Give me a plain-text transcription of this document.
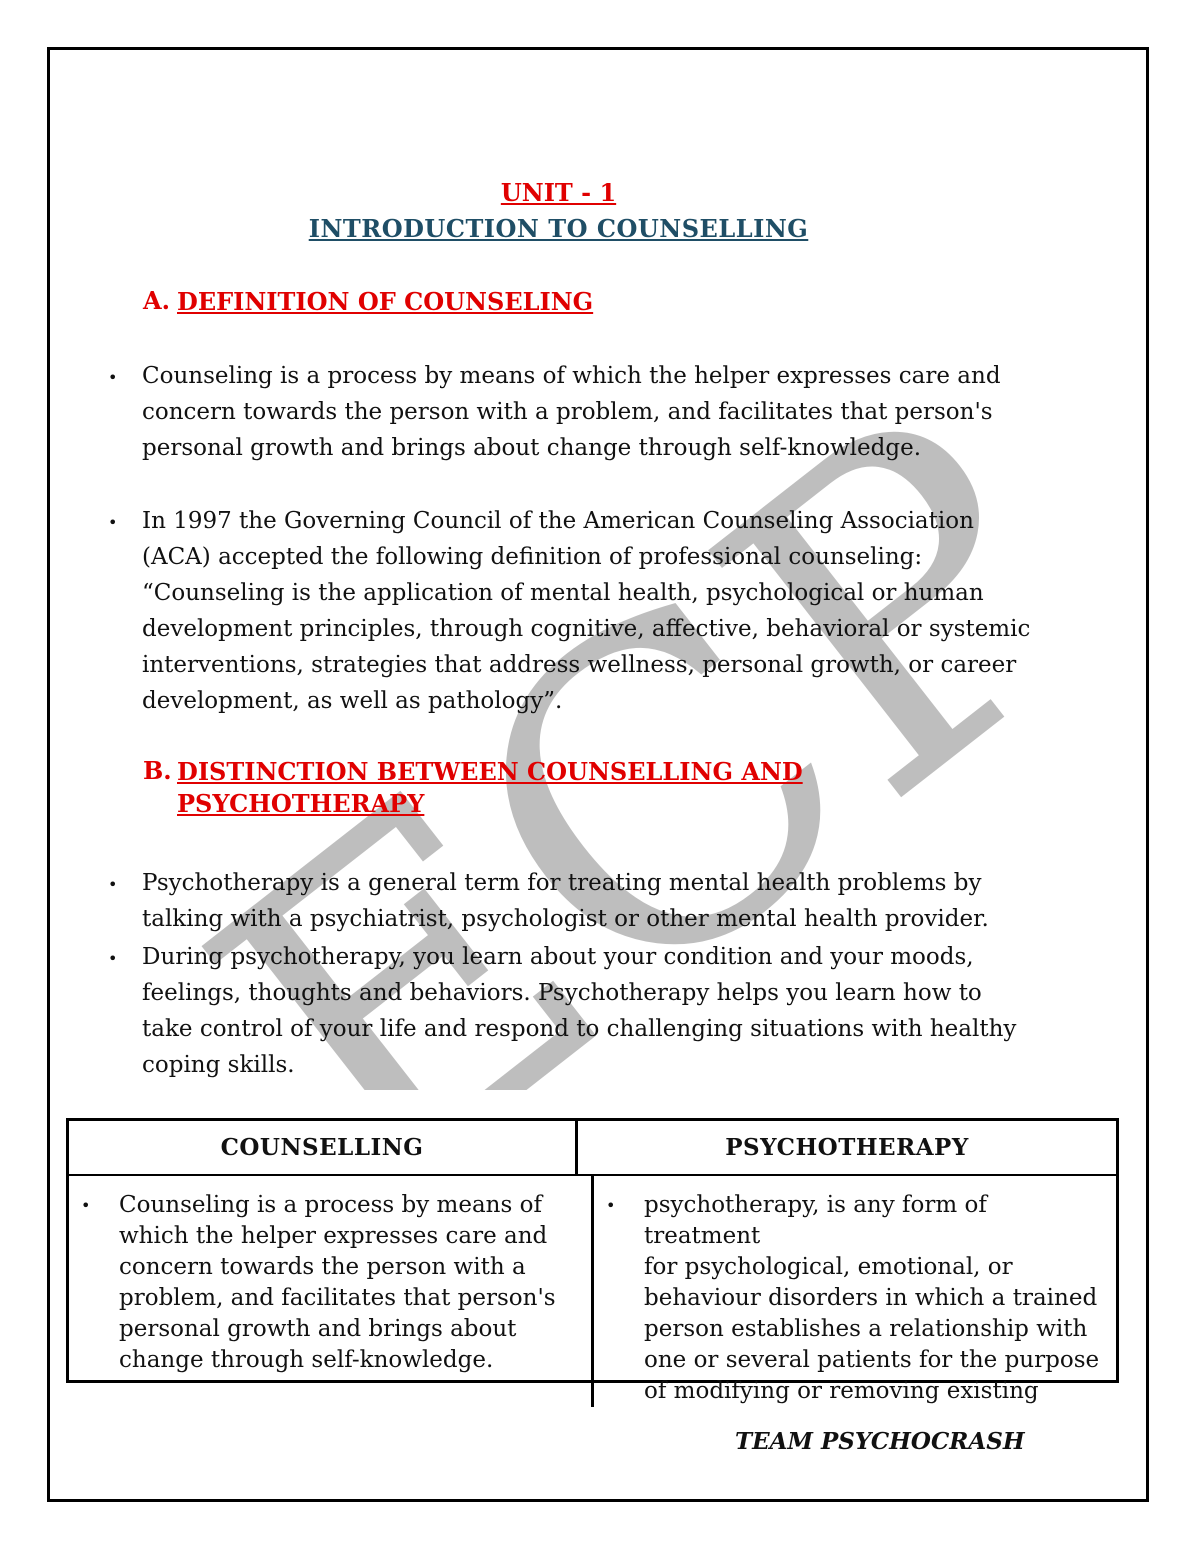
ECP
UNIT - 1
INTRODUCTION TO COUNSELLING
A. DEFINITION OF COUNSELING
•	Counseling is a process by means of which the helper expresses care and
concern towards the person with a problem, and facilitates that person's
personal growth and brings about change through self-knowledge.
•	In 1997 the Governing Council of the American Counseling Association
(ACA) accepted the following definition of professional counseling:
“Counseling is the application of mental health, psychological or human
development principles, through cognitive, affective, behavioral or systemic
interventions, strategies that address wellness, personal growth, or career
development, as well as pathology”.
B. DISTINCTION BETWEEN COUNSELLING AND
PSYCHOTHERAPY
•	Psychotherapy is a general term for treating mental health problems by
talking with a psychiatrist, psychologist or other mental health provider.
•	During psychotherapy, you learn about your condition and your moods,
feelings, thoughts and behaviors. Psychotherapy helps you learn how to
take control of your life and respond to challenging situations with healthy
coping skills.
COUNSELLING	PSYCHOTHERAPY
•	Counseling is a process by means of
which the helper expresses care and
concern towards the person with a
problem, and facilitates that person's
personal growth and brings about
change through self-knowledge.
•	psychotherapy, is any form of treatment
for psychological, emotional, or
behaviour disorders in which a trained
person establishes a relationship with
one or several patients for the purpose
of modifying or removing existing
TEAM PSYCHOCRASH
